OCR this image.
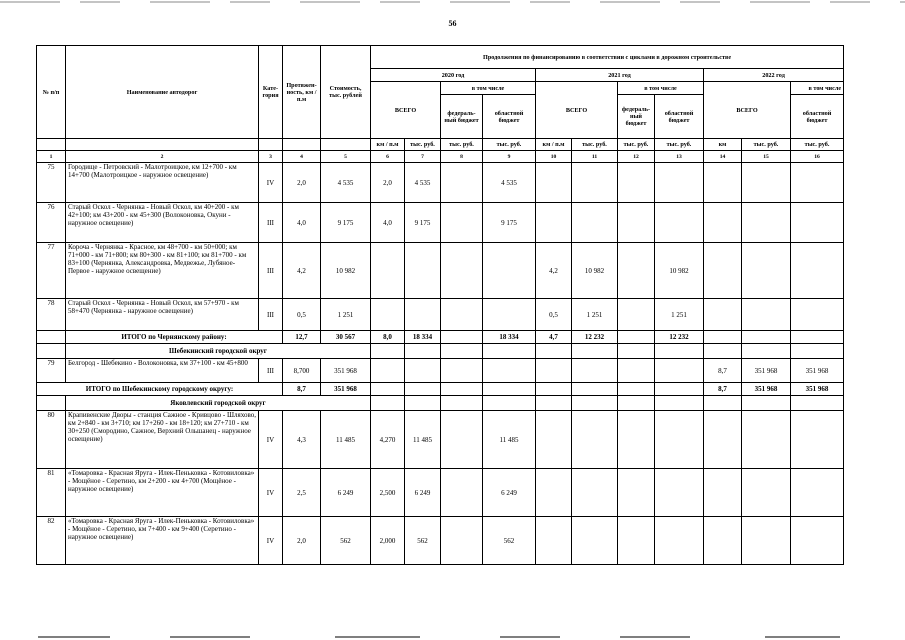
56
№ п/п	Наименование автодорог	Кате-гория	Протяжен-ность, км / п.м	Стоимость, тыс. рублей	Продолжения по финансированию в соответствии с циклами в дорожном строительстве										
					2020 год				2021 год				2022 год		
					ВСЕГО		в том числе		ВСЕГО		в том числе		ВСЕГО		в том числе
							федераль-ный бюджет	областной бюджет			федераль-ный бюджет	областной бюджет			областной бюджет
					км / п.м	тыс. руб.	тыс. руб.	тыс. руб.	км / п.м	тыс. руб.	тыс. руб.	тыс. руб.	км	тыс. руб.	тыс. руб.
1	2	3	4	5	6	7	8	9	10	11	12	13	14	15	16
75	Городище - Петровский - Малотроицкое, км 12+700 - км 14+700 (Малотроицкое - наружное освещение)	IV	2,0	4 535	2,0	4 535		4 535							
76	Старый Оскол - Чернянка - Новый Оскол, км 40+200 - км 42+100; км 43+200 - км 45+300 (Волоконовка, Окуни - наружное освещение)	III	4,0	9 175	4,0	9 175		9 175							
77	Короча - Чернянка - Красное, км 48+700 - км 50+000; км 71+000 - км 71+800; км 80+300 - км 81+100; км 81+700 - км 83+100 (Чернянка, Александровка, Медвежье, Лубяное-Первое - наружное освещение)	III	4,2	10 982					4,2	10 982		10 982			
78	Старый Оскол - Чернянка - Новый Оскол, км 57+970 - км 58+470 (Чернянка - наружное освещение)	III	0,5	1 251					0,5	1 251		1 251			
	ИТОГО по Чернянскому району:		12,7	30 567	8,0	18 334		18 334	4,7	12 232		12 232			
	Шебекинский городской округ														
79	Белгород - Шебекино - Волоконовка, км 37+100 - км 45+800	III	8,700	351 968									8,7	351 968	351 968
ИТОГО по Шебекинскому городскому округу:			8,7	351 968									8,7	351 968	351 968
	Яковлевский городской округ														
80	Крапивенские Дворы - станция Сажное - Кривцово - Шляхово, км 2+840 - км 3+710; км 17+260 - км 18+120; км 27+710 - км 30+250 (Смородино, Сажное, Верхний Ольшанец - наружное освещение)	IV	4,3	11 485	4,270	11 485		11 485							
81	«Томаровка - Красная Яруга - Илек-Пеньковка - Котовиловка» - Мощёное - Серетино, км 2+200 - км 4+700 (Мощёное - наружное освещение)	IV	2,5	6 249	2,500	6 249		6 249							
82	«Томаровка - Красная Яруга - Илек-Пеньковка - Котовиловка» - Мощёное - Серетино, км 7+400 - км 9+400 (Серетино - наружное освещение)	IV	2,0	562	2,000	562		562							
